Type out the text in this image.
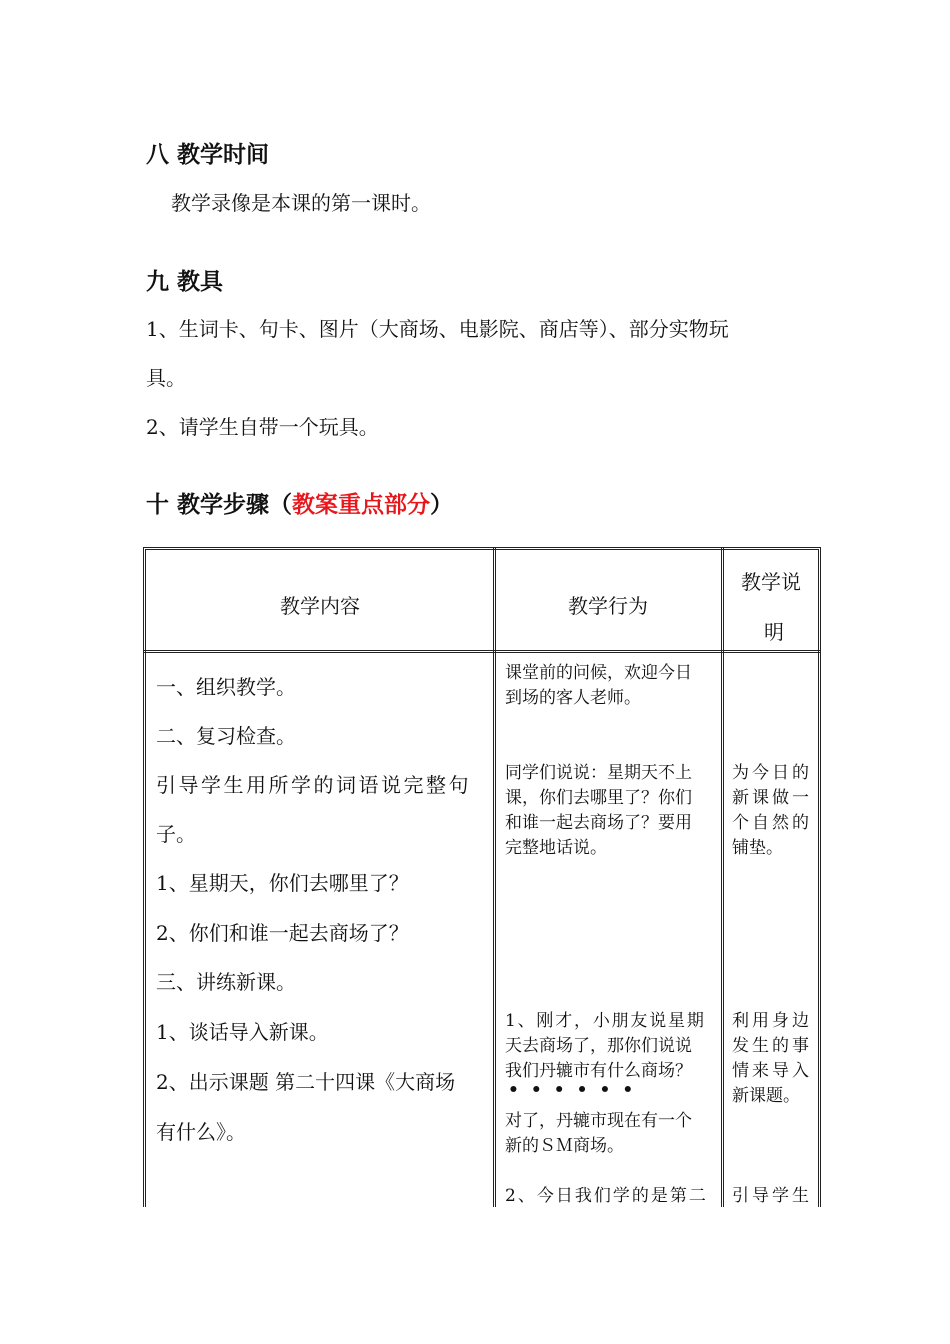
八 教学时间
教学录像是本课的第一课时。
九 教具
1、生词卡、句卡、图片（大商场、电影院、商店等）、部分实物玩
具。
2、请学生自带一个玩具。
十 教学步骤（教案重点部分）
教学内容	教学行为
教学说
明
一、组织教学。
二、复习检查。
引导学生用所学的词语说完整句
子。
1、星期天，你们去哪里了？
2、你们和谁一起去商场了？
三、讲练新课。
1、谈话导入新课。
2、出示课题 第二十四课《大商场
有什么》。
课堂前的问候，欢迎今日
到场的客人老师。
同学们说说：星期天不上
课，你们去哪里了？你们
和谁一起去商场了？要用
完整地话说。
1、刚才，小朋友说星期
天去商场了，那你们说说
我们丹辘市有什么商场？
••••••
对了，丹辘市现在有一个
新的ＳＭ商场。
2、今日我们学的是第二
为今日的
新课做一
个自然的
铺垫。
利用身边
发生的事
情来导入
新课题。
引导学生
